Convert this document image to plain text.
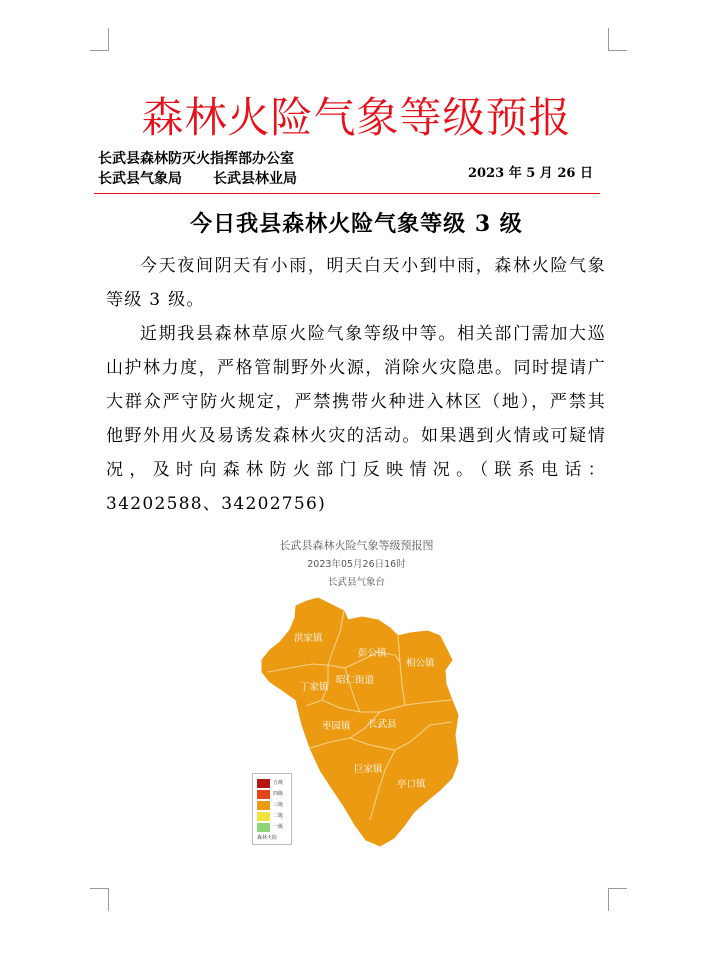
森林火险气象等级预报
长武县森林防灭火指挥部办公室
长武县气象局 长武县林业局	2023 年 5 月 26 日
今日我县森林火险气象等级 3 级

今天夜间阴天有小雨，明天白天小到中雨，森林火险气象等级 3 级。

近期我县森林草原火险气象等级中等。相关部门需加大巡山护林力度，严格管制野外火源，消除火灾隐患。同时提请广大群众严守防火规定，严禁携带火种进入林区（地），严禁其他野外用火及易诱发森林火灾的活动。如果遇到火情或可疑情况，及时向森林防火部门反映情况。（联系电话：34202588、34202756)

长武县森林火险气象等级预报图
2023年05月26日16时
长武县气象台
洪家镇
彭公镇
相公镇
丁家镇
昭仁街道
枣园镇 长武县
巨家镇
亭口镇
五级
四级
三级
二级
一级
森林火险
